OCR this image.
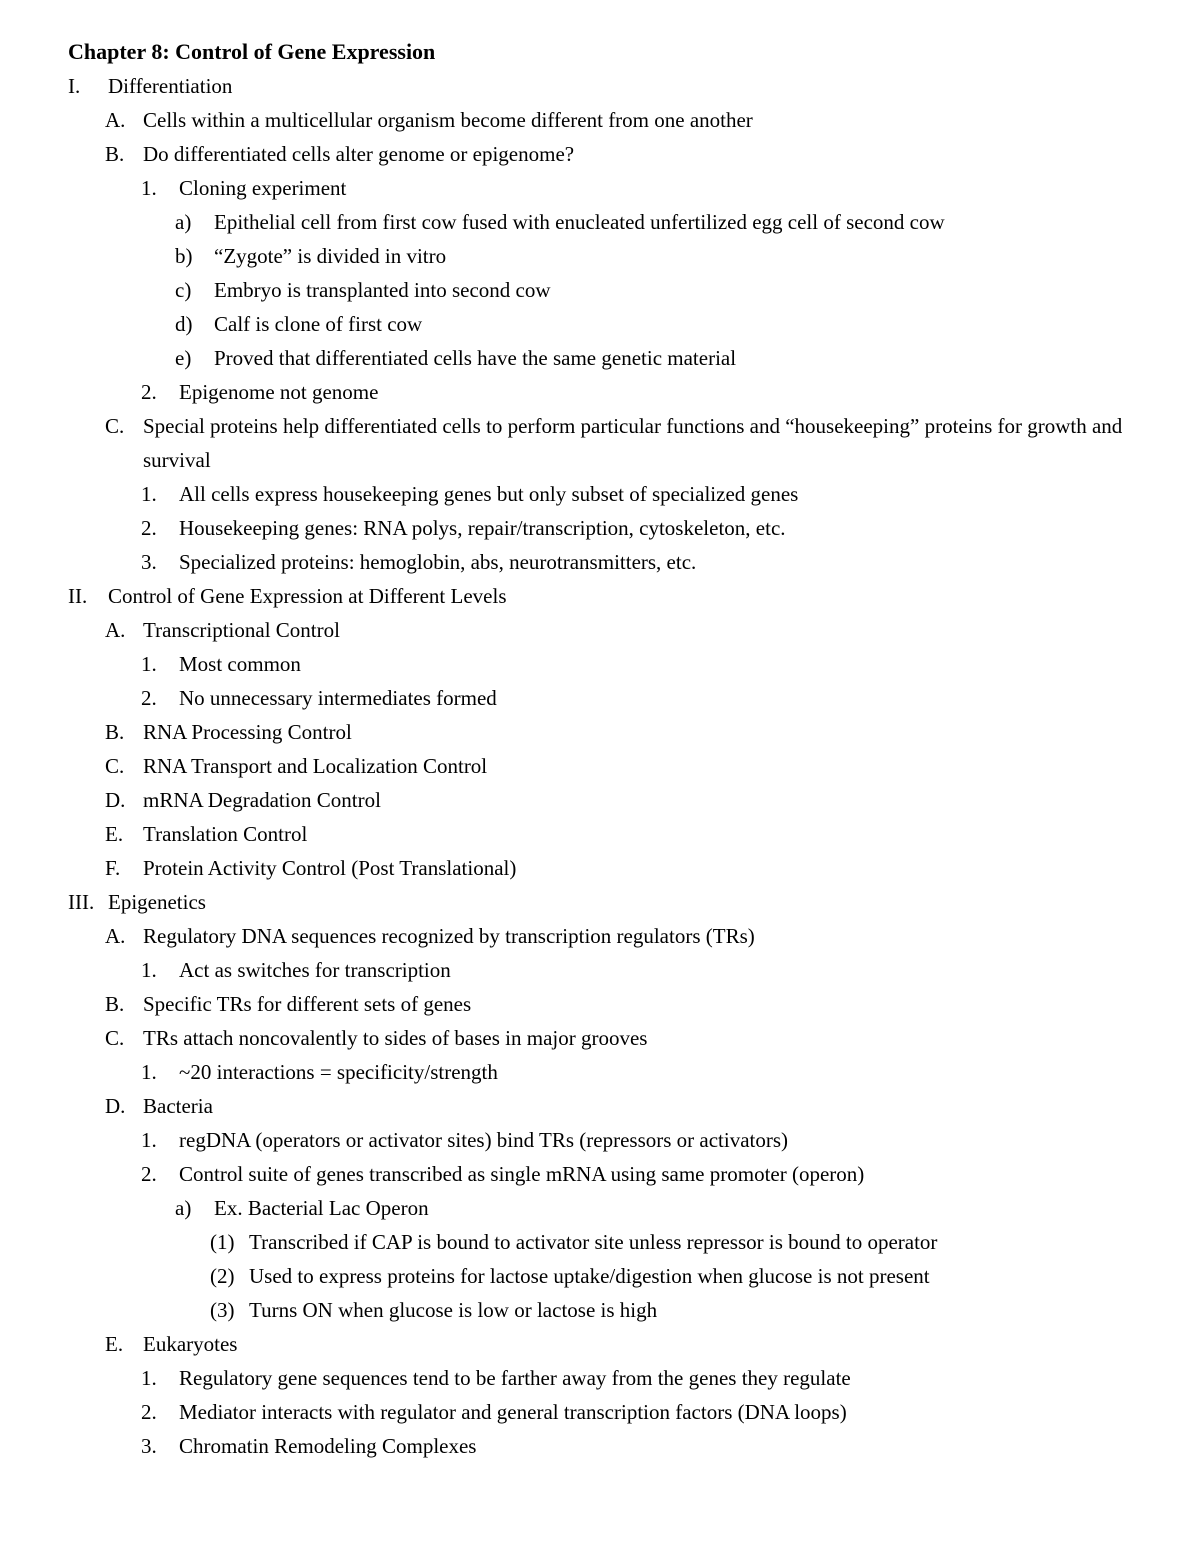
Chapter 8: Control of Gene Expression
I. Differentiation
A. Cells within a multicellular organism become different from one another
B. Do differentiated cells alter genome or epigenome?
1. Cloning experiment
a) Epithelial cell from first cow fused with enucleated unfertilized egg cell of second cow
b) “Zygote” is divided in vitro
c) Embryo is transplanted into second cow
d) Calf is clone of first cow
e) Proved that differentiated cells have the same genetic material
2. Epigenome not genome
C. Special proteins help differentiated cells to perform particular functions and “housekeeping” proteins for growth and survival
1. All cells express housekeeping genes but only subset of specialized genes
2. Housekeeping genes: RNA polys, repair/transcription, cytoskeleton, etc.
3. Specialized proteins: hemoglobin, abs, neurotransmitters, etc.
II. Control of Gene Expression at Different Levels
A. Transcriptional Control
1. Most common
2. No unnecessary intermediates formed
B. RNA Processing Control
C. RNA Transport and Localization Control
D. mRNA Degradation Control
E. Translation Control
F. Protein Activity Control (Post Translational)
III. Epigenetics
A. Regulatory DNA sequences recognized by transcription regulators (TRs)
1. Act as switches for transcription
B. Specific TRs for different sets of genes
C. TRs attach noncovalently to sides of bases in major grooves
1. ~20 interactions = specificity/strength
D. Bacteria
1. regDNA (operators or activator sites) bind TRs (repressors or activators)
2. Control suite of genes transcribed as single mRNA using same promoter (operon)
a) Ex. Bacterial Lac Operon
(1) Transcribed if CAP is bound to activator site unless repressor is bound to operator
(2) Used to express proteins for lactose uptake/digestion when glucose is not present
(3) Turns ON when glucose is low or lactose is high
E. Eukaryotes
1. Regulatory gene sequences tend to be farther away from the genes they regulate
2. Mediator interacts with regulator and general transcription factors (DNA loops)
3. Chromatin Remodeling Complexes
